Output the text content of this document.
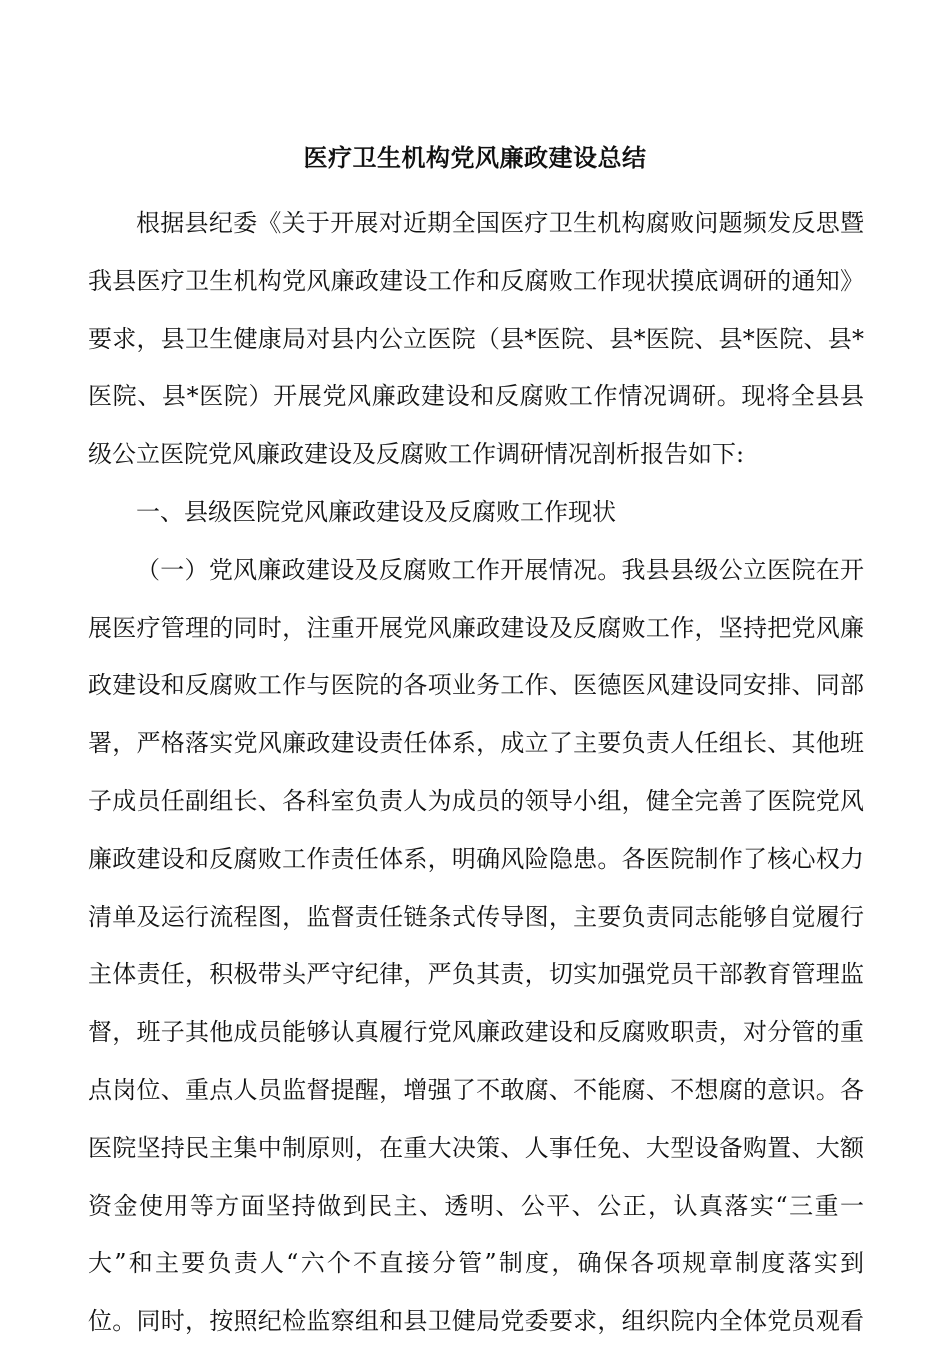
医疗卫生机构党风廉政建设总结
根据县纪委《关于开展对近期全国医疗卫生机构腐败问题频发反思暨
我县医疗卫生机构党风廉政建设工作和反腐败工作现状摸底调研的通知》
要求，县卫生健康局对县内公立医院（县*医院、县*医院、县*医院、县*
医院、县*医院）开展党风廉政建设和反腐败工作情况调研。现将全县县
级公立医院党风廉政建设及反腐败工作调研情况剖析报告如下:
一、县级医院党风廉政建设及反腐败工作现状
（一）党风廉政建设及反腐败工作开展情况。我县县级公立医院在开
展医疗管理的同时，注重开展党风廉政建设及反腐败工作，坚持把党风廉
政建设和反腐败工作与医院的各项业务工作、医德医风建设同安排、同部
署，严格落实党风廉政建设责任体系，成立了主要负责人任组长、其他班
子成员任副组长、各科室负责人为成员的领导小组，健全完善了医院党风
廉政建设和反腐败工作责任体系，明确风险隐患。各医院制作了核心权力
清单及运行流程图，监督责任链条式传导图，主要负责同志能够自觉履行
主体责任，积极带头严守纪律，严负其责，切实加强党员干部教育管理监
督，班子其他成员能够认真履行党风廉政建设和反腐败职责，对分管的重
点岗位、重点人员监督提醒，增强了不敢腐、不能腐、不想腐的意识。各
医院坚持民主集中制原则，在重大决策、人事任免、大型设备购置、大额
资金使用等方面坚持做到民主、透明、公平、公正，认真落实“三重一
大”和主要负责人“六个不直接分管”制度，确保各项规章制度落实到
位。同时，按照纪检监察组和县卫健局党委要求，组织院内全体党员观看
